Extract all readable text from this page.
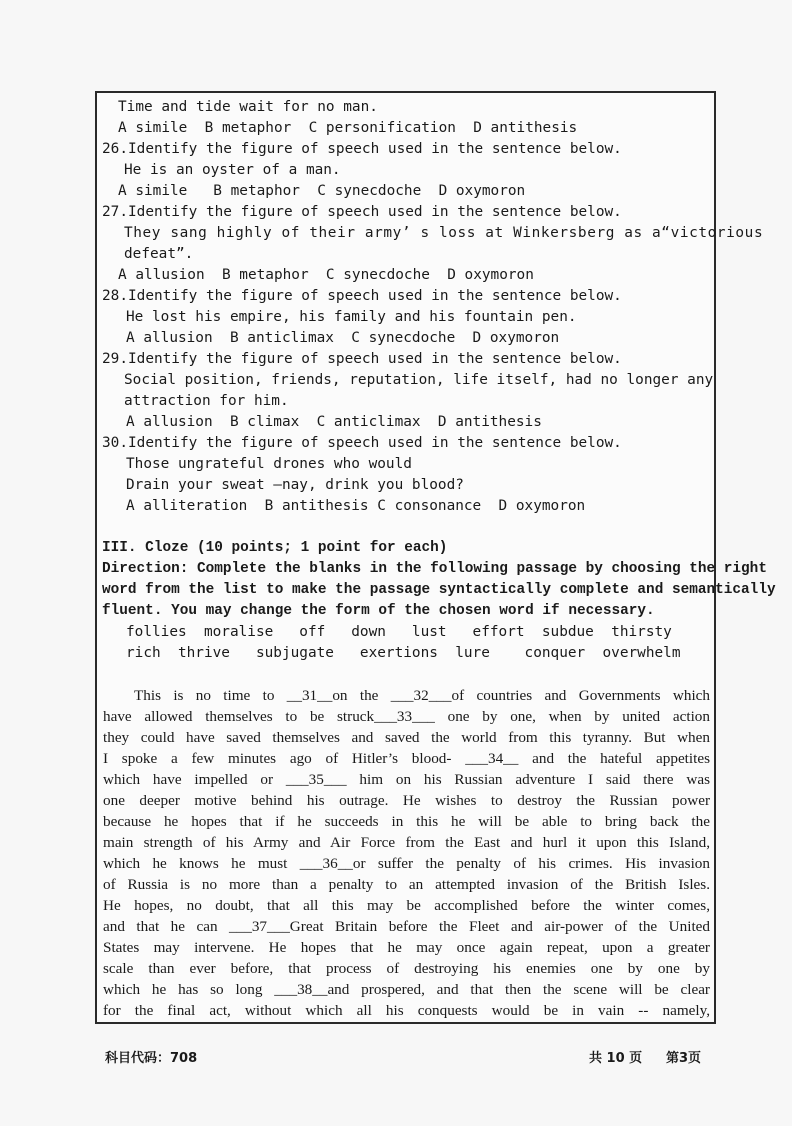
Time and tide wait for no man.
A simile  B metaphor  C personification  D antithesis
26.Identify the figure of speech used in the sentence below.
He is an oyster of a man.
A simile   B metaphor  C synecdoche  D oxymoron
27.Identify the figure of speech used in the sentence below.
They sang highly of their army’ s loss at Winkersberg as a“victorious
defeat”.
A allusion  B metaphor  C synecdoche  D oxymoron
28.Identify the figure of speech used in the sentence below.
He lost his empire, his family and his fountain pen.
A allusion  B anticlimax  C synecdoche  D oxymoron
29.Identify the figure of speech used in the sentence below.
Social position, friends, reputation, life itself, had no longer any
attraction for him.
A allusion  B climax  C anticlimax  D antithesis
30.Identify the figure of speech used in the sentence below.
Those ungrateful drones who would
Drain your sweat —nay, drink you blood?
A alliteration  B antithesis C consonance  D oxymoron
III. Cloze (10 points; 1 point for each)
Direction: Complete the blanks in the following passage by choosing the right
word from the list to make the passage syntactically complete and semantically
fluent. You may change the form of the chosen word if necessary.
follies  moralise   off   down   lust   effort  subdue  thirsty
rich  thrive   subjugate   exertions  lure    conquer  overwhelm
This is no time to __31__on the ___32___of countries and Governments which
have allowed themselves to be struck___33___ one by one, when by united action
they could have saved themselves and saved the world from this tyranny. But when
I spoke a few minutes ago of Hitler’s blood- ___34__ and the hateful appetites
which have impelled or ___35___ him on his Russian adventure I said there was
one deeper motive behind his outrage. He wishes to destroy the Russian power
because he hopes that if he succeeds in this he will be able to bring back the
main strength of his Army and Air Force from the East and hurl it upon this Island,
which he knows he must ___36__or suffer the penalty of his crimes. His invasion
of Russia is no more than a penalty to an attempted invasion of the British Isles.
He hopes, no doubt, that all this may be accomplished before the winter comes,
and that he can ___37___Great Britain before the Fleet and air-power of the United
States may intervene. He hopes that he may once again repeat, upon a greater
scale than ever before, that process of destroying his enemies one by one by
which he has so long ___38__and prospered, and that then the scene will be clear
for the final act, without which all his conquests would be in vain -- namely,
科目代码：708	共 10 页 第3页
